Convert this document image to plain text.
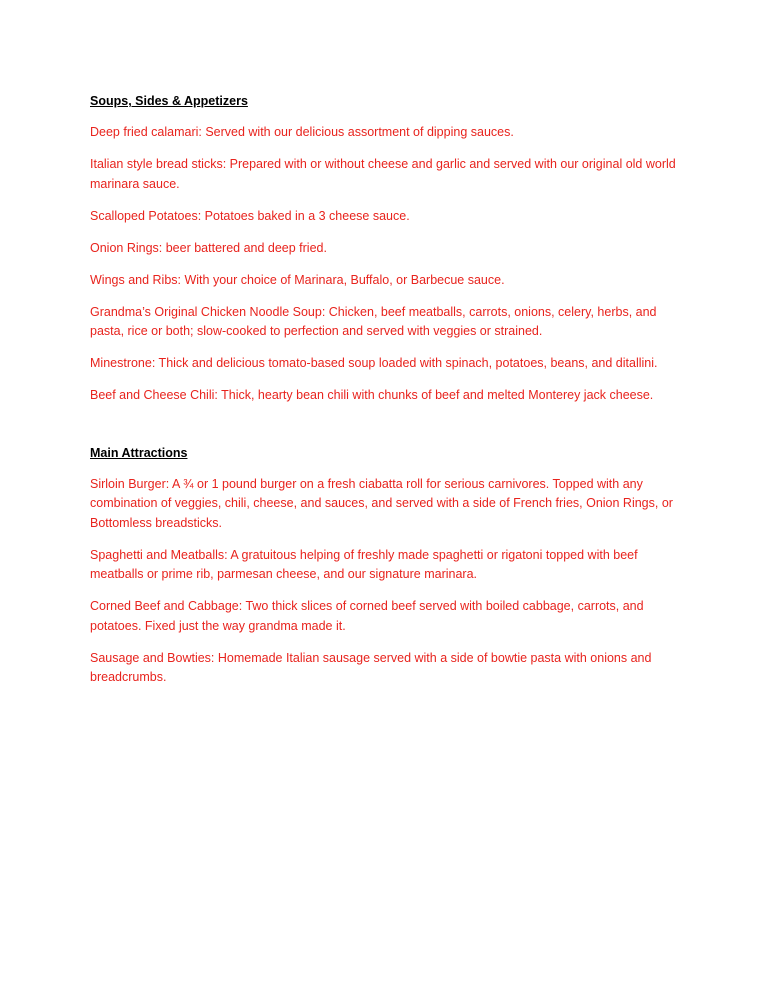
Soups, Sides & Appetizers
Deep fried calamari: Served with our delicious assortment of dipping sauces.
Italian style bread sticks: Prepared with or without cheese and garlic and served with our original old world marinara sauce.
Scalloped Potatoes: Potatoes baked in a 3 cheese sauce.
Onion Rings: beer battered and deep fried.
Wings and Ribs: With your choice of Marinara, Buffalo, or Barbecue sauce.
Grandma’s Original Chicken Noodle Soup: Chicken, beef meatballs, carrots, onions, celery, herbs, and pasta, rice or both; slow-cooked to perfection and served with veggies or strained.
Minestrone: Thick and delicious tomato-based soup loaded with spinach, potatoes, beans, and ditallini.
Beef and Cheese Chili: Thick, hearty bean chili with chunks of beef and melted Monterey jack cheese.
Main Attractions
Sirloin Burger: A ¾ or 1 pound burger on a fresh ciabatta roll for serious carnivores. Topped with any combination of veggies, chili, cheese, and sauces, and served with a side of French fries, Onion Rings, or Bottomless breadsticks.
Spaghetti and Meatballs: A gratuitous helping of freshly made spaghetti or rigatoni topped with beef meatballs or prime rib, parmesan cheese, and our signature marinara.
Corned Beef and Cabbage: Two thick slices of corned beef served with boiled cabbage, carrots, and potatoes. Fixed just the way grandma made it.
Sausage and Bowties: Homemade Italian sausage served with a side of bowtie pasta with onions and breadcrumbs.
